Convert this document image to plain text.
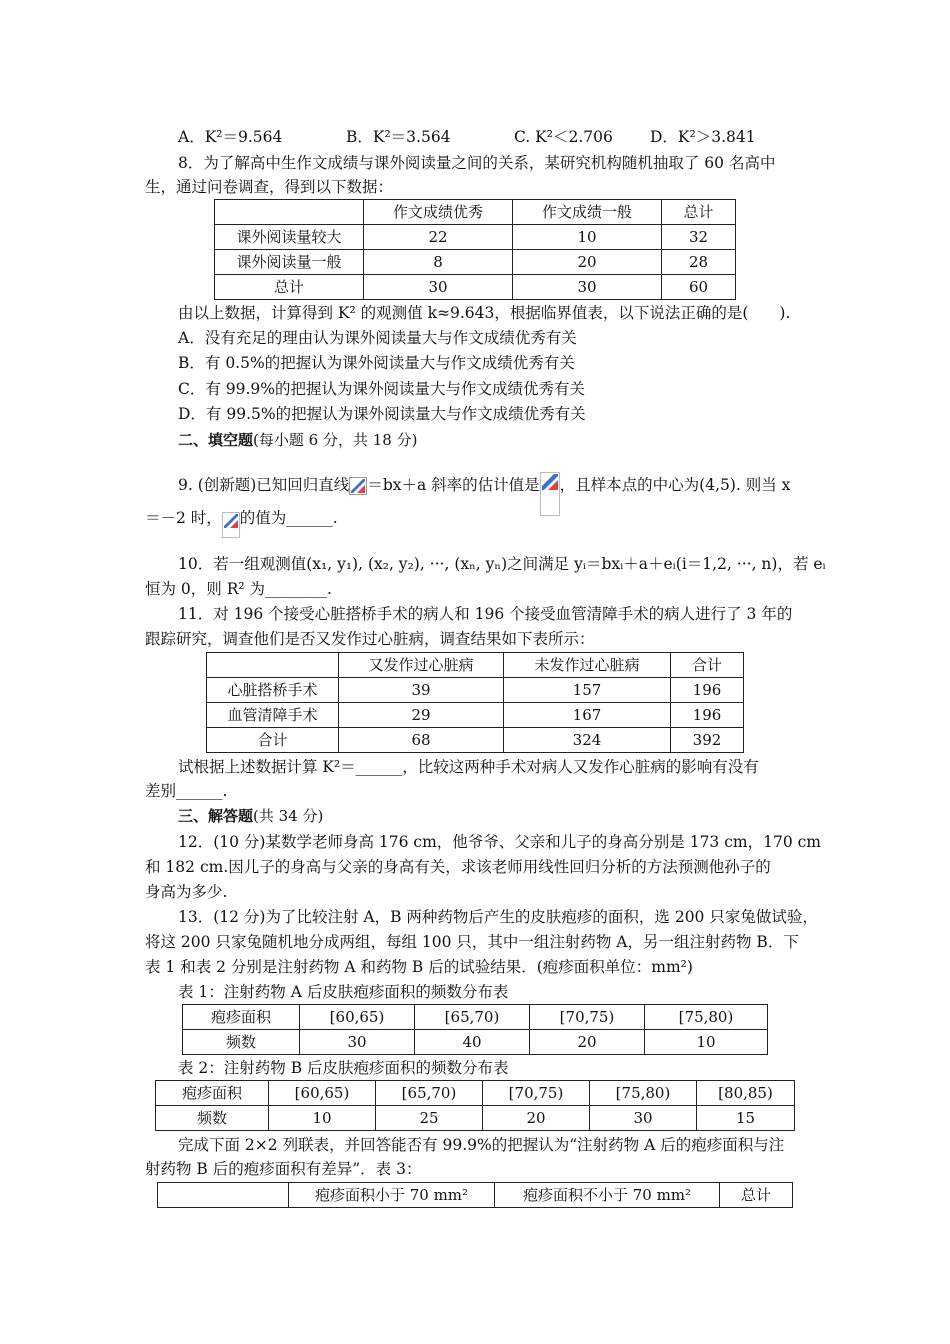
A．K²＝9.564	B．K²＝3.564	C. K²＜2.706 D．K²＞3.841
8．为了解高中生作文成绩与课外阅读量之间的关系，某研究机构随机抽取了 60 名高中
生，通过问卷调查，得到以下数据：
	作文成绩优秀	作文成绩一般	总计
课外阅读量较大	22	10	32
课外阅读量一般	8	20	28
总计	30	30	60
由以上数据，计算得到 K² 的观测值 k≈9.643，根据临界值表，以下说法正确的是(　　).
A．没有充足的理由认为课外阅读量大与作文成绩优秀有关
B．有 0.5%的把握认为课外阅读量大与作文成绩优秀有关
C．有 99.9%的把握认为课外阅读量大与作文成绩优秀有关
D．有 99.5%的把握认为课外阅读量大与作文成绩优秀有关
二、填空题(每小题 6 分，共 18 分)
9. (创新题)已知回归直线 ＝bx＋a 斜率的估计值是 ，且样本点的中心为(4,5). 则当 x
＝－2 时， 的值为______.
10．若一组观测值(x₁, y₁), (x₂, y₂), ···, (xₙ, yₙ)之间满足 yᵢ＝bxᵢ＋a＋eᵢ(i＝1,2, ···, n)，若 eᵢ
恒为 0，则 R² 为________.
11．对 196 个接受心脏搭桥手术的病人和 196 个接受血管清障手术的病人进行了 3 年的
跟踪研究，调查他们是否又发作过心脏病，调查结果如下表所示：
	又发作过心脏病	未发作过心脏病	合计
心脏搭桥手术	39	157	196
血管清障手术	29	167	196
合计	68	324	392
试根据上述数据计算 K²＝______，比较这两种手术对病人又发作心脏病的影响有没有
差别______.
三、解答题(共 34 分)
12．(10 分)某数学老师身高 176 cm，他爷爷、父亲和儿子的身高分别是 173 cm，170 cm
和 182 cm.因儿子的身高与父亲的身高有关，求该老师用线性回归分析的方法预测他孙子的
身高为多少.
13．(12 分)为了比较注射 A，B 两种药物后产生的皮肤疱疹的面积，选 200 只家兔做试验，
将这 200 只家兔随机地分成两组，每组 100 只，其中一组注射药物 A，另一组注射药物 B．下
表 1 和表 2 分别是注射药物 A 和药物 B 后的试验结果．(疱疹面积单位：mm²)
表 1：注射药物 A 后皮肤疱疹面积的频数分布表
疱疹面积	[60,65)	[65,70)	[70,75)	[75,80)
频数	30	40	20	10
表 2：注射药物 B 后皮肤疱疹面积的频数分布表
疱疹面积	[60,65)	[65,70)	[70,75)	[75,80)	[80,85)
频数	10	25	20	30	15
完成下面 2×2 列联表，并回答能否有 99.9%的把握认为“注射药物 A 后的疱疹面积与注
射药物 B 后的疱疹面积有差异”．表 3：
	疱疹面积小于 70 mm²	疱疹面积不小于 70 mm²	总计
